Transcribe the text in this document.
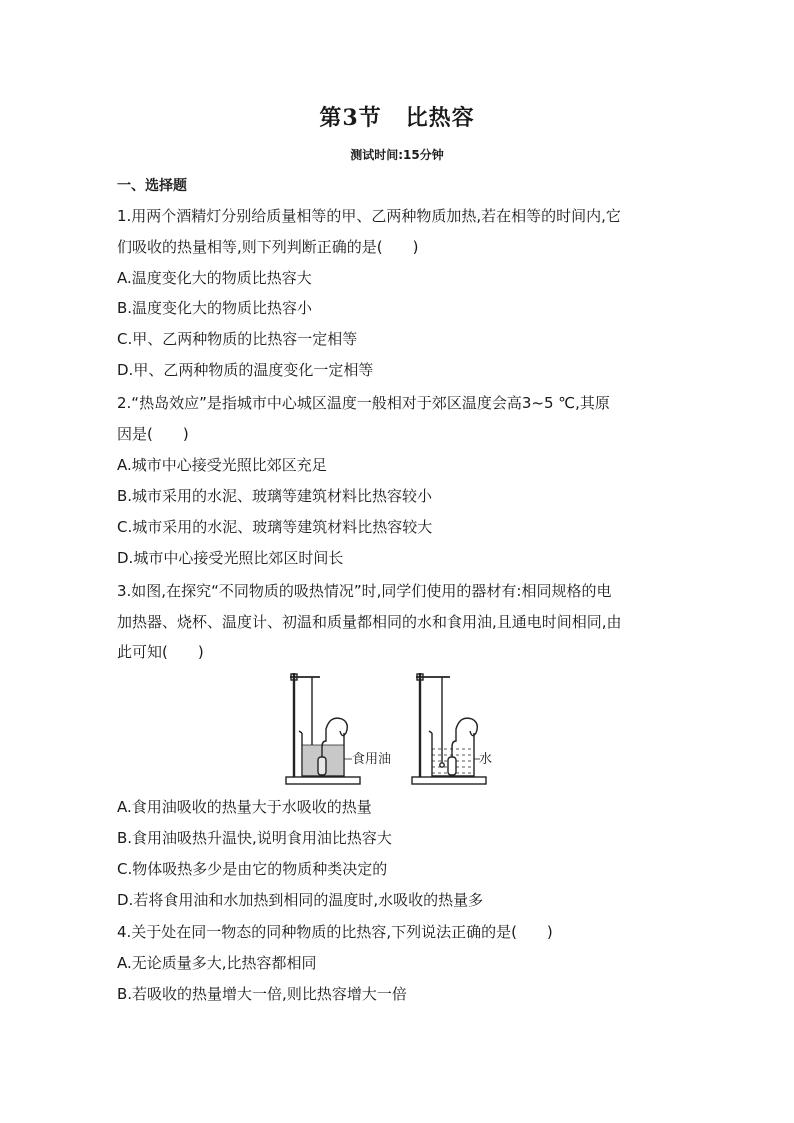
第3节 比热容
测试时间:15分钟
一、选择题
1.用两个酒精灯分别给质量相等的甲、乙两种物质加热,若在相等的时间内,它
们吸收的热量相等,则下列判断正确的是(　　)
A.温度变化大的物质比热容大
B.温度变化大的物质比热容小
C.甲、乙两种物质的比热容一定相等
D.甲、乙两种物质的温度变化一定相等
2.“热岛效应”是指城市中心城区温度一般相对于郊区温度会高3~5 ℃,其原
因是(　　)
A.城市中心接受光照比郊区充足
B.城市采用的水泥、玻璃等建筑材料比热容较小
C.城市采用的水泥、玻璃等建筑材料比热容较大
D.城市中心接受光照比郊区时间长
3.如图,在探究“不同物质的吸热情况”时,同学们使用的器材有:相同规格的电
加热器、烧杯、温度计、初温和质量都相同的水和食用油,且通电时间相同,由
此可知(　　)
食用油	水
A.食用油吸收的热量大于水吸收的热量
B.食用油吸热升温快,说明食用油比热容大
C.物体吸热多少是由它的物质种类决定的
D.若将食用油和水加热到相同的温度时,水吸收的热量多
4.关于处在同一物态的同种物质的比热容,下列说法正确的是(　　)
A.无论质量多大,比热容都相同
B.若吸收的热量增大一倍,则比热容增大一倍
